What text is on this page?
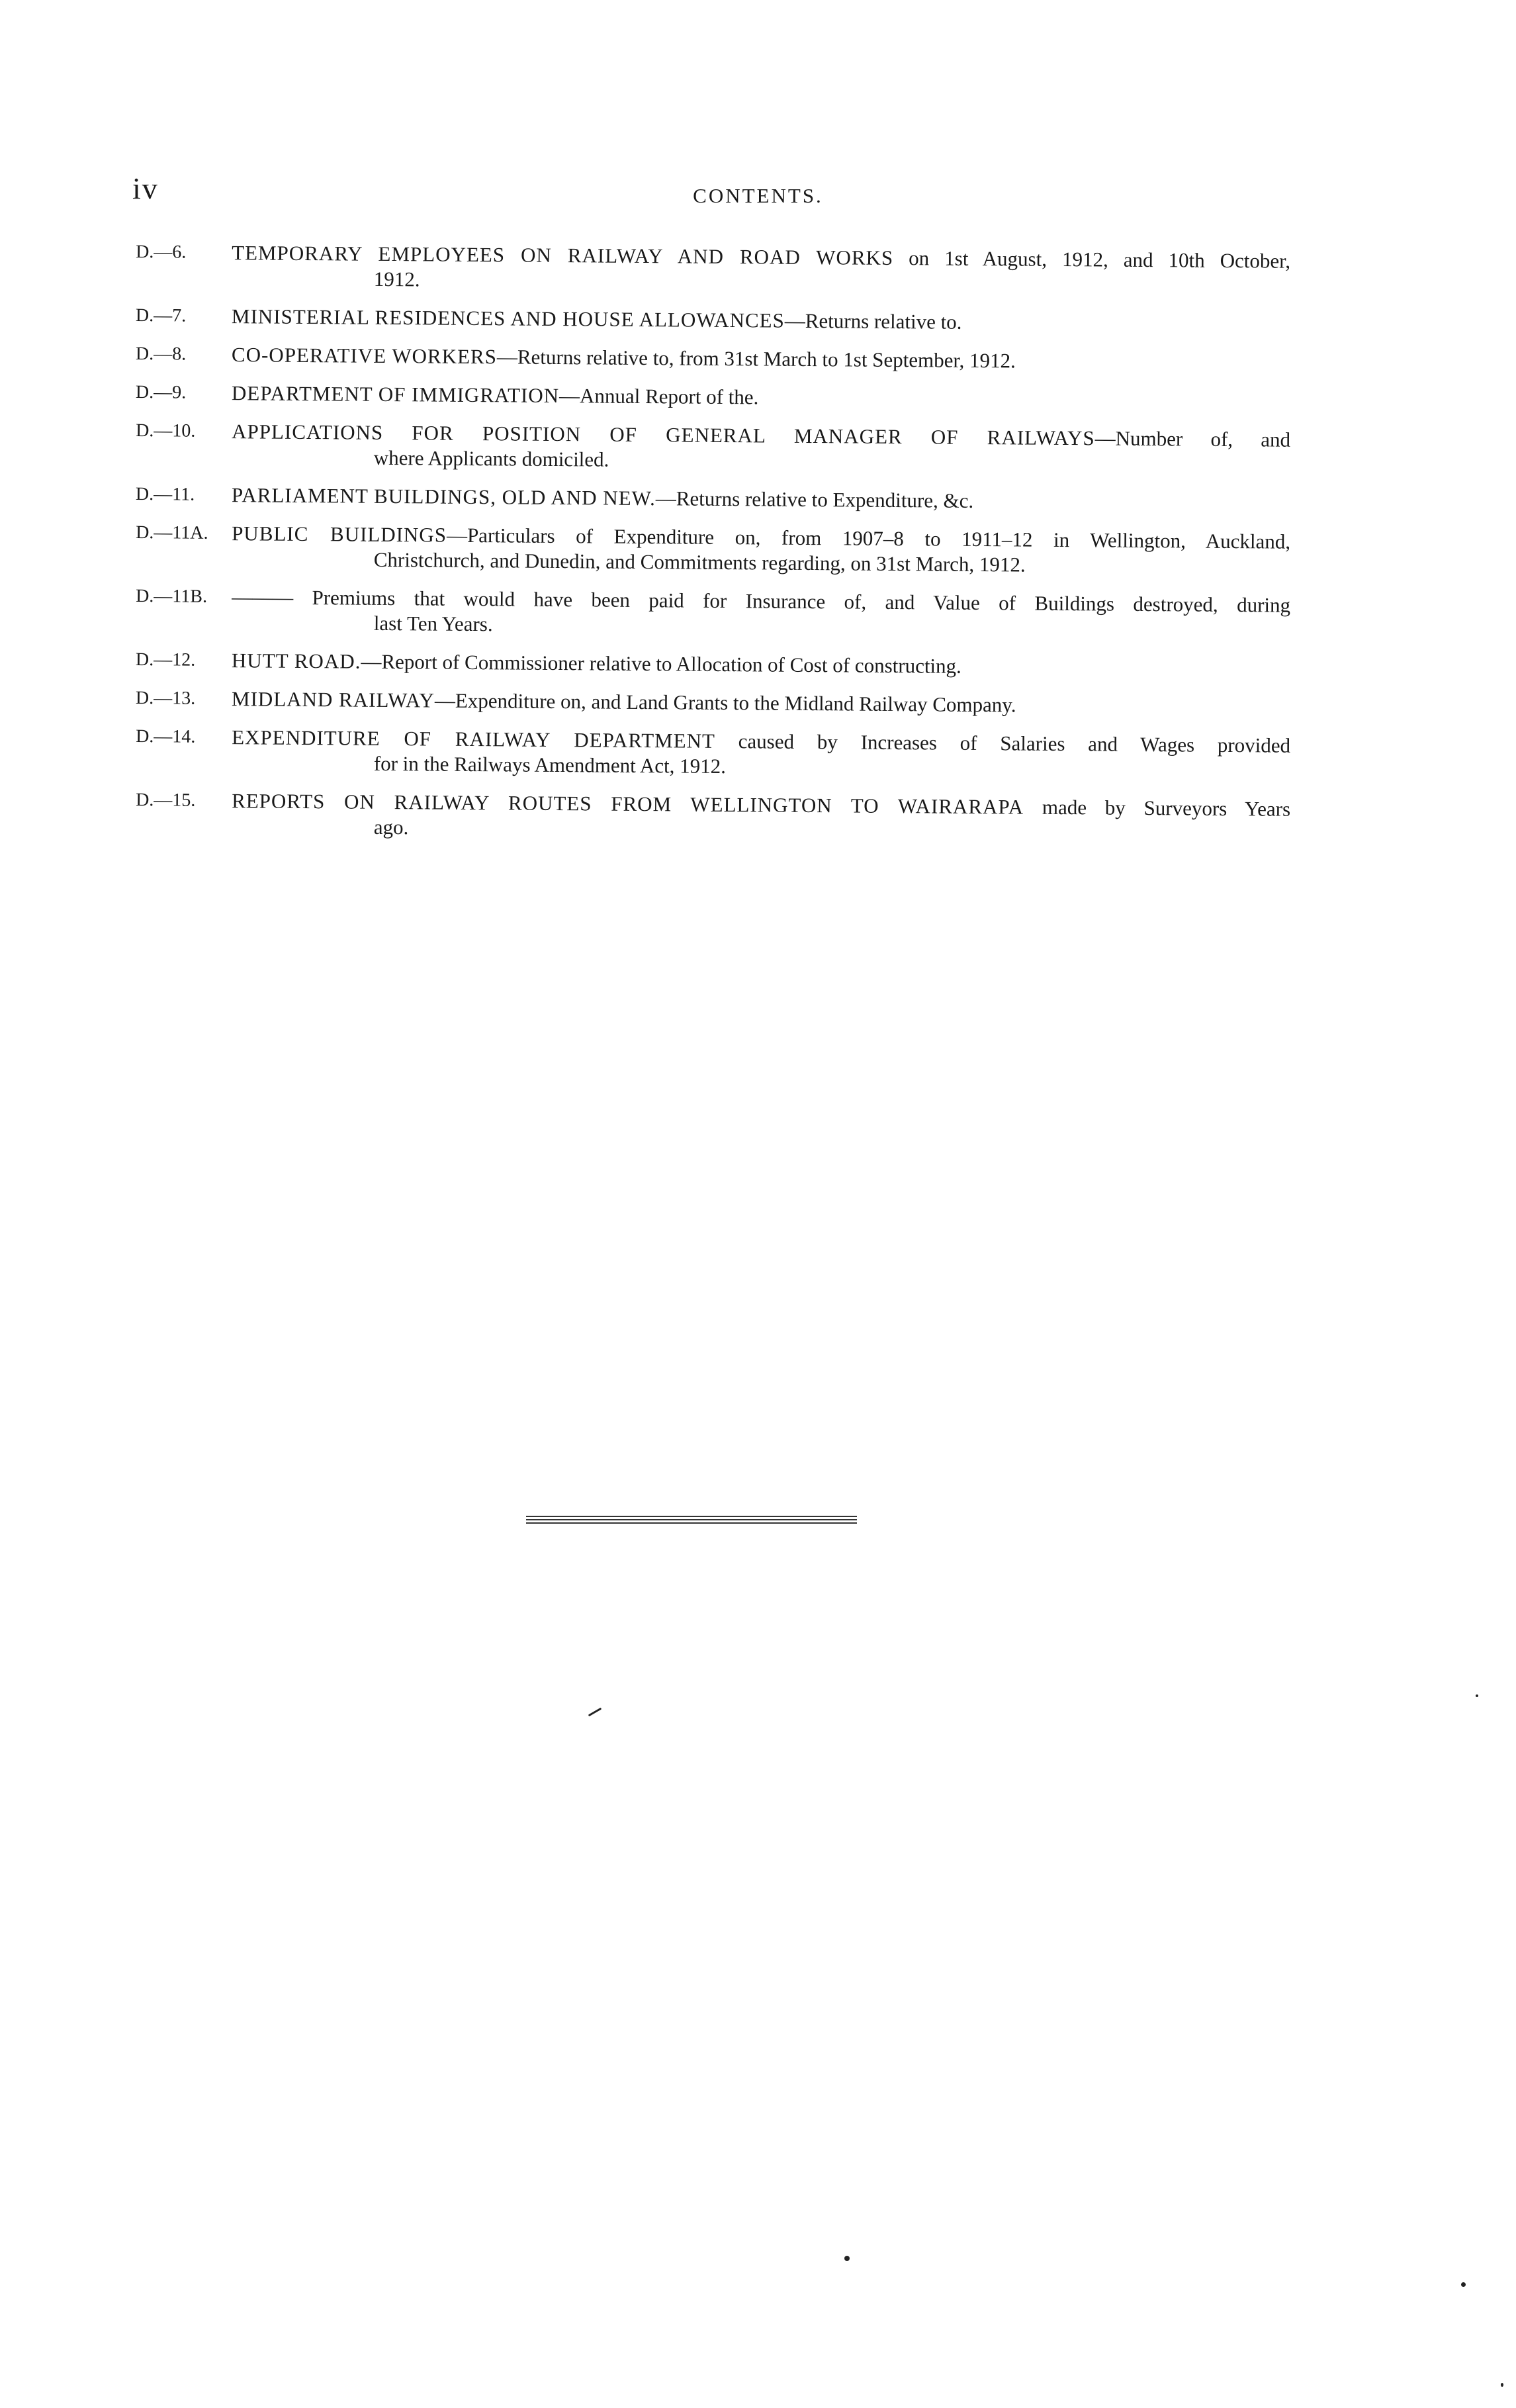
iv	CONTENTS.
D.—6.	TEMPORARY EMPLOYEES ON RAILWAY AND ROAD WORKS on 1st August, 1912, and 10th October,
1912.
D.—7.	MINISTERIAL RESIDENCES AND HOUSE ALLOWANCES—Returns relative to.
D.—8.	CO-OPERATIVE WORKERS—Returns relative to, from 31st March to 1st September, 1912.
D.—9.	DEPARTMENT OF IMMIGRATION—Annual Report of the.
D.—10.	APPLICATIONS FOR POSITION OF GENERAL MANAGER OF RAILWAYS—Number of, and
where Applicants domiciled.
D.—11.	PARLIAMENT BUILDINGS, OLD AND NEW.—Returns relative to Expenditure, &c.
D.—11A.	PUBLIC BUILDINGS—Particulars of Expenditure on, from 1907–8 to 1911–12 in Wellington, Auckland,
Christchurch, and Dunedin, and Commitments regarding, on 31st March, 1912.
D.—11B.	——— Premiums that would have been paid for Insurance of, and Value of Buildings destroyed, during
last Ten Years.
D.—12.	HUTT ROAD.—Report of Commissioner relative to Allocation of Cost of constructing.
D.—13.	MIDLAND RAILWAY—Expenditure on, and Land Grants to the Midland Railway Company.
D.—14.	EXPENDITURE OF RAILWAY DEPARTMENT caused by Increases of Salaries and Wages provided
for in the Railways Amendment Act, 1912.
D.—15.	REPORTS ON RAILWAY ROUTES FROM WELLINGTON TO WAIRARAPA made by Surveyors Years
ago.
